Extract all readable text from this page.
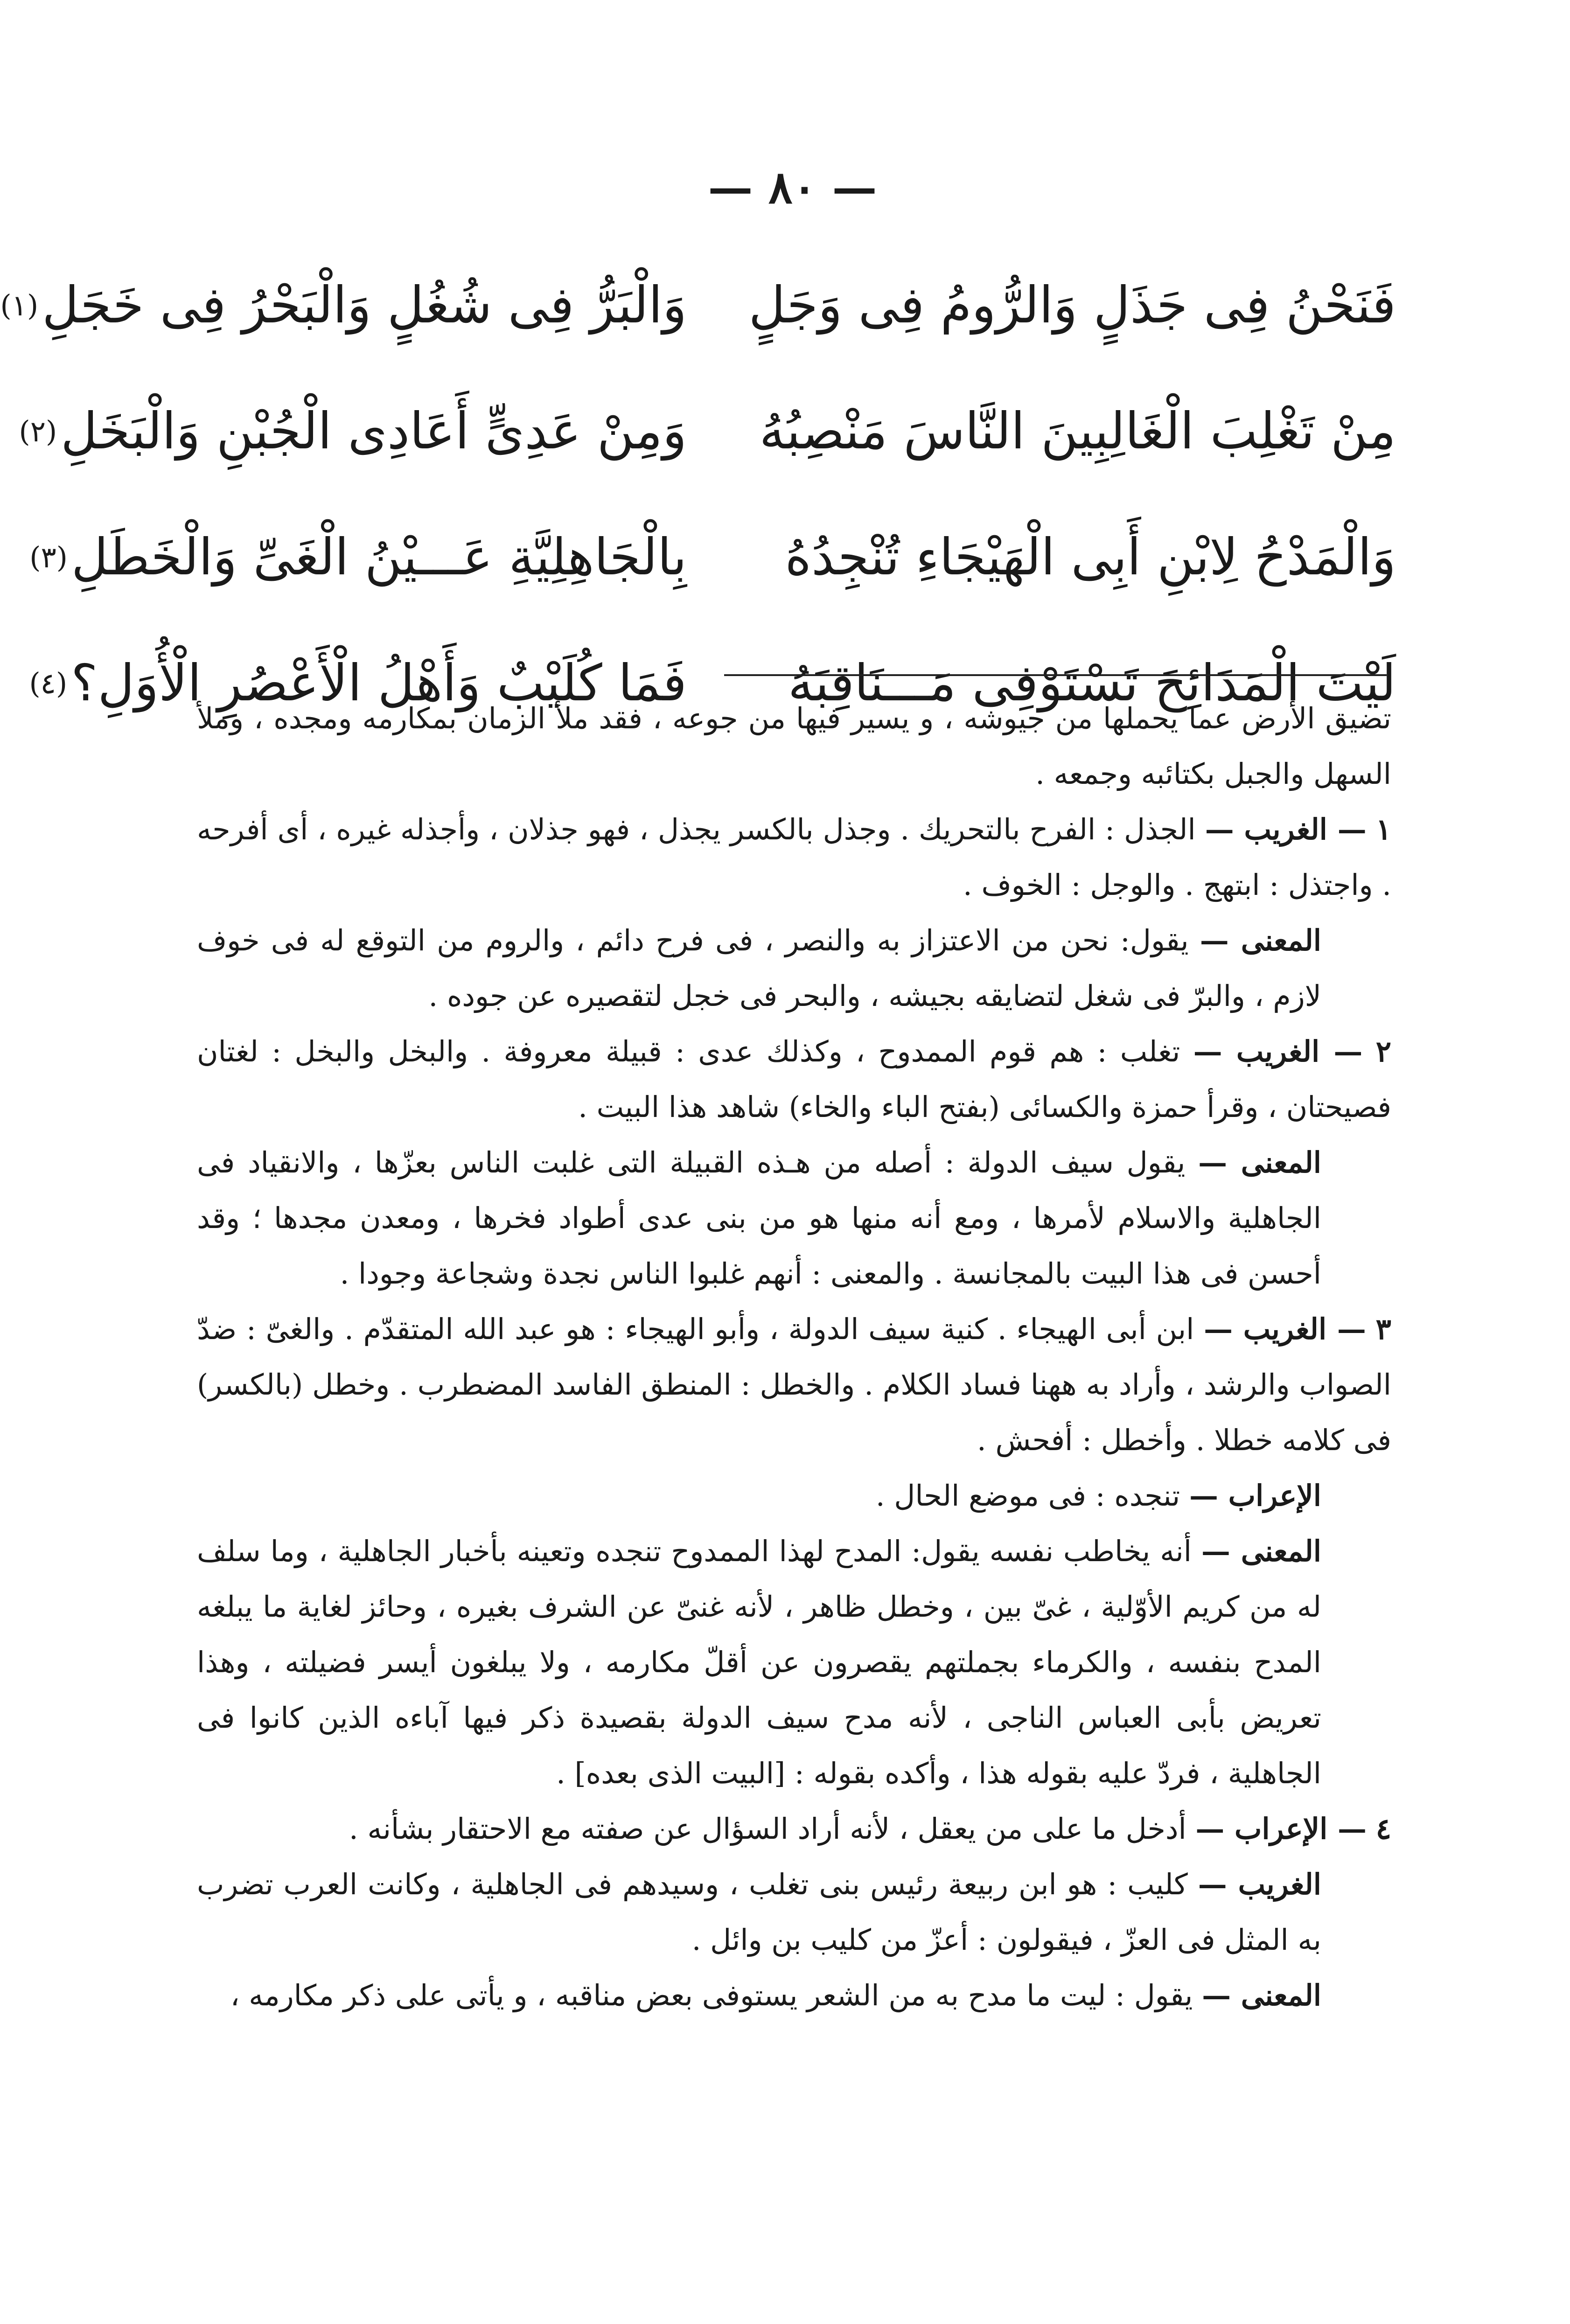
— ٨٠ —
فَنَحْنُ فِى جَذَلٍ وَالرُّومُ فِى وَجَلٍ
وَالْبَرُّ فِى شُغُلٍ وَالْبَحْرُ فِى خَجَلِ
(١)
مِنْ تَغْلِبَ الْغَالِبِينَ النَّاسَ مَنْصِبُهُ
وَمِنْ عَدِىٍّ أَعَادِى الْجُبْنِ وَالْبَخَلِ
(٢)
وَالْمَدْحُ لِابْنِ أَبِى الْهَيْجَاءِ تُنْجِدُهُ
بِالْجَاهِلِيَّةِ عَـــيْنُ الْغَىِّ وَالْخَطَلِ
(٣)
لَيْتَ الْمَدَائِحَ تَسْتَوْفِى مَـــنَاقِبَهُ
فَمَا كُلَيْبٌ وَأَهْلُ الْأَعْصُرِ الْأُوَلِ؟
(٤)

تضيق الأرض عما يحملها من جيوشه ، و يسير فيها من جوعه ، فقد ملأ الزمان بمكارمه ومجده ، وملأ السهل والجبل بكتائبه وجمعه .

١ — الغريب — الجذل : الفرح بالتحريك . وجذل بالكسر يجذل ، فهو جذلان ، وأجذله غيره ، أى أفرحه . واجتذل : ابتهج . والوجل : الخوف .

المعنى — يقول: نحن من الاعتزاز به والنصر ، فى فرح دائم ، والروم من التوقع له فى خوف لازم ، والبرّ فى شغل لتضايقه بجيشه ، والبحر فى خجل لتقصيره عن جوده .

٢ — الغريب — تغلب : هم قوم الممدوح ، وكذلك عدى : قبيلة معروفة . والبخل والبخل : لغتان فصيحتان ، وقرأ حمزة والكسائى (بفتح الباء والخاء) شاهد هذا البيت .

المعنى — يقول سيف الدولة : أصله من هـذه القبيلة التى غلبت الناس بعزّها ، والانقياد فى الجاهلية والاسلام لأمرها ، ومع أنه منها هو من بنى عدى أطواد فخرها ، ومعدن مجدها ؛ وقد أحسن فى هذا البيت بالمجانسة . والمعنى : أنهم غلبوا الناس نجدة وشجاعة وجودا .

٣ — الغريب — ابن أبى الهيجاء . كنية سيف الدولة ، وأبو الهيجاء : هو عبد الله المتقدّم . والغىّ : ضدّ الصواب والرشد ، وأراد به ههنا فساد الكلام . والخطل : المنطق الفاسد المضطرب . وخطل (بالكسر) فى كلامه خطلا . وأخطل : أفحش .

الإعراب — تنجده : فى موضع الحال .

المعنى — أنه يخاطب نفسه يقول: المدح لهذا الممدوح تنجده وتعينه بأخبار الجاهلية ، وما سلف له من كريم الأوّلية ، غىّ بين ، وخطل ظاهر ، لأنه غنىّ عن الشرف بغيره ، وحائز لغاية ما يبلغه المدح بنفسه ، والكرماء بجملتهم يقصرون عن أقلّ مكارمه ، ولا يبلغون أيسر فضيلته ، وهذا تعريض بأبى العباس الناجى ، لأنه مدح سيف الدولة بقصيدة ذكر فيها آباءه الذين كانوا فى الجاهلية ، فردّ عليه بقوله هذا ، وأكده بقوله : [البيت الذى بعده] .

٤ — الإعراب — أدخل ما على من يعقل ، لأنه أراد السؤال عن صفته مع الاحتقار بشأنه .

الغريب — كليب : هو ابن ربيعة رئيس بنى تغلب ، وسيدهم فى الجاهلية ، وكانت العرب تضرب به المثل فى العزّ ، فيقولون : أعزّ من كليب بن وائل .

المعنى — يقول : ليت ما مدح به من الشعر يستوفى بعض مناقبه ، و يأتى على ذكر مكارمه ،
